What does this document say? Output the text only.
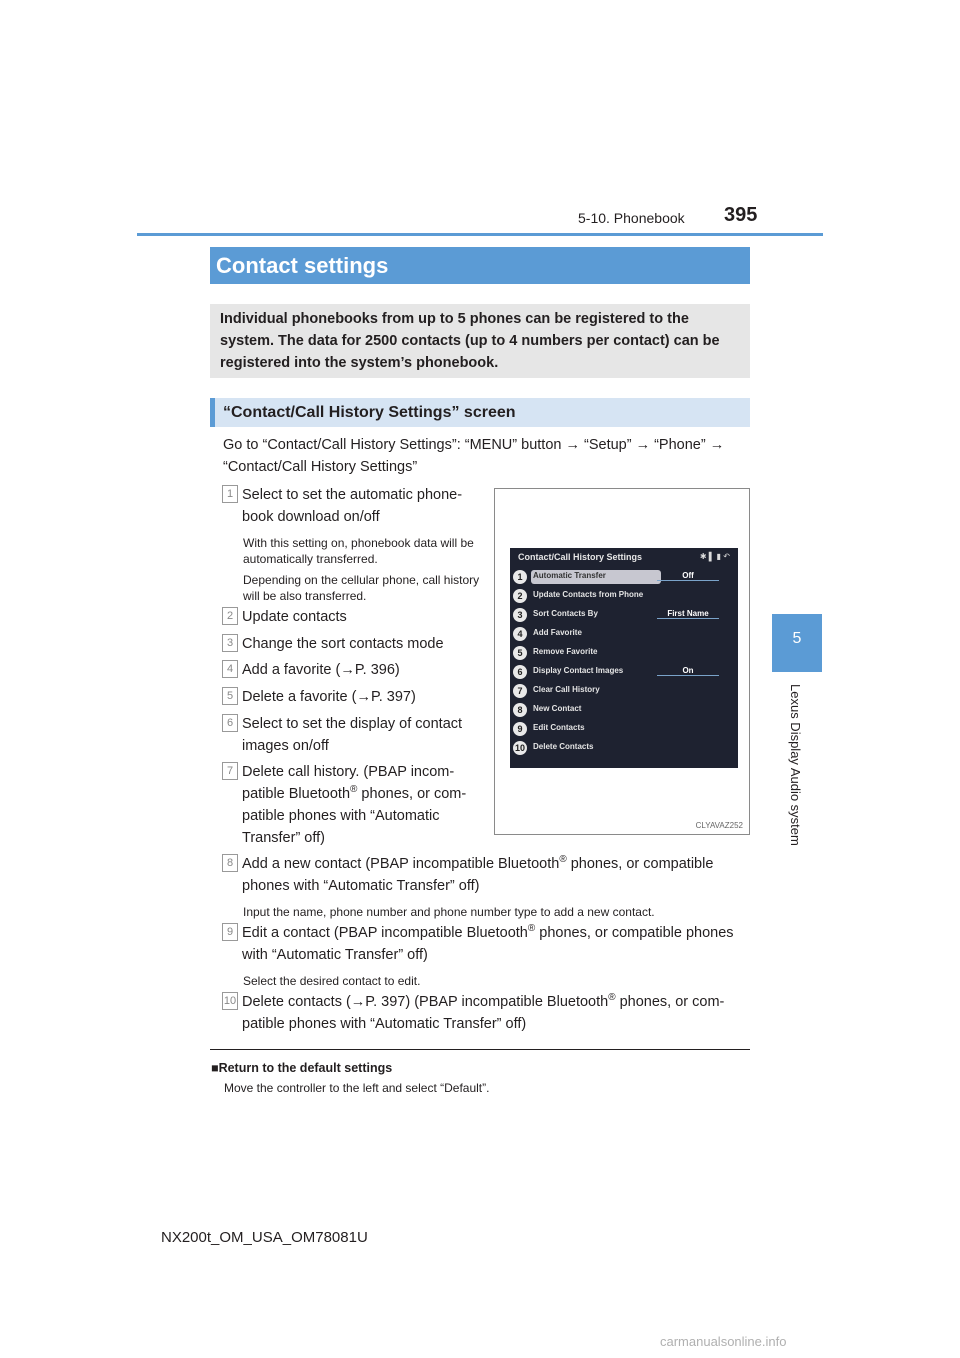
5-10. Phonebook 395
5
Lexus Display Audio system
Contact settings
Individual phonebooks from up to 5 phones can be registered to the system. The data for 2500 contacts (up to 4 numbers per contact) can be registered into the system’s phonebook.
“Contact/Call History Settings” screen
Go to “Contact/Call History Settings”: “MENU” button → “Setup” → “Phone” → “Contact/Call History Settings”
1 Select to set the automatic phone-book download on/off
With this setting on, phonebook data will be automatically transferred.
Depending on the cellular phone, call history will be also transferred.
2 Update contacts
3 Change the sort contacts mode
4 Add a favorite (→P. 396)
5 Delete a favorite (→P. 397)
6 Select to set the display of contact images on/off
7 Delete call history. (PBAP incom-patible Bluetooth® phones, or com-patible phones with “Automatic Transfer” off)
8 Add a new contact (PBAP incompatible Bluetooth® phones, or compatible phones with “Automatic Transfer” off)
Input the name, phone number and phone number type to add a new contact.
9 Edit a contact (PBAP incompatible Bluetooth® phones, or compatible phones with “Automatic Transfer” off)
Select the desired contact to edit.
10 Delete contacts (→P. 397) (PBAP incompatible Bluetooth® phones, or com-patible phones with “Automatic Transfer” off)
Contact/Call History Settings	✱ ▌ ▮ ↶
1	Automatic Transfer	Off
2	Update Contacts from Phone
3	Sort Contacts By	First Name
4	Add Favorite
5	Remove Favorite
6	Display Contact Images	On
7	Clear Call History
8	New Contact
9	Edit Contacts
10 Delete Contacts
CLYAVAZ252
■Return to the default settings
Move the controller to the left and select “Default”.
NX200t_OM_USA_OM78081U
carmanualsonline.info
